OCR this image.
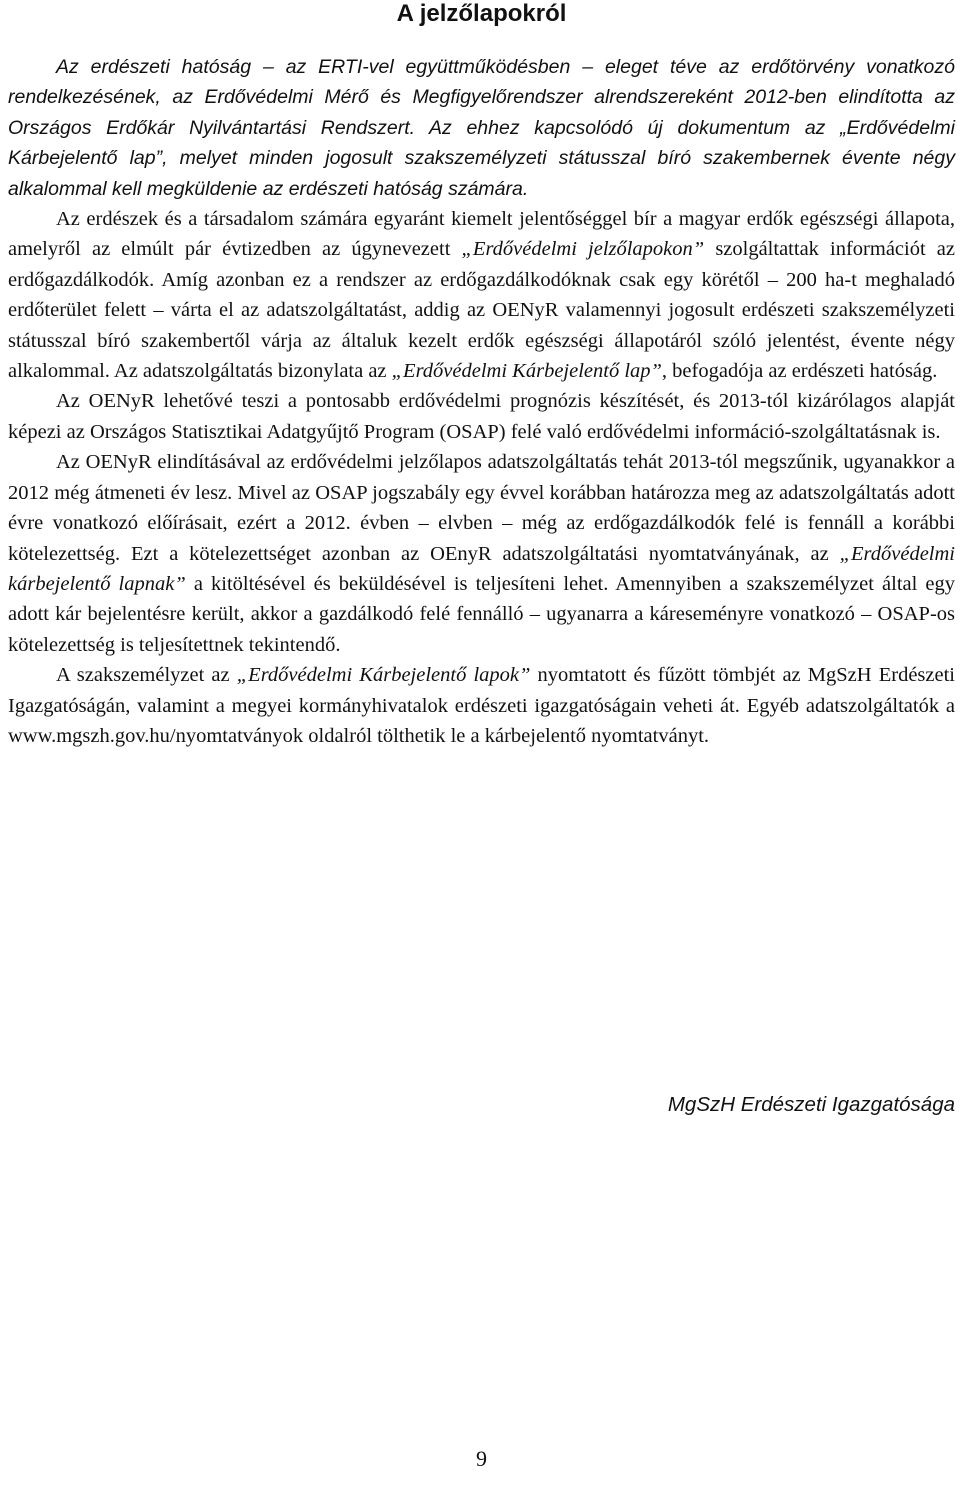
A jelzőlapokról

Az erdészeti hatóság – az ERTI-vel együttműködésben – eleget téve az erdőtörvény vonatkozó rendelkezésének, az Erdővédelmi Mérő és Megfigyelőrendszer alrendszereként 2012-ben elindította az Országos Erdőkár Nyilvántartási Rendszert. Az ehhez kapcsolódó új dokumentum az „Erdővédelmi Kárbejelentő lap”, melyet minden jogosult szakszemélyzeti státusszal bíró szakembernek évente négy alkalommal kell megküldenie az erdészeti hatóság számára.

Az erdészek és a társadalom számára egyaránt kiemelt jelentőséggel bír a magyar erdők egészségi állapota, amelyről az elmúlt pár évtizedben az úgynevezett „Erdővédelmi jelzőlapokon” szolgáltattak információt az erdőgazdálkodók. Amíg azonban ez a rendszer az erdőgazdálkodóknak csak egy körétől – 200 ha-t meghaladó erdőterület felett – várta el az adatszolgáltatást, addig az OENyR valamennyi jogosult erdészeti szakszemélyzeti státusszal bíró szakembertől várja az általuk kezelt erdők egészségi állapotáról szóló jelentést, évente négy alkalommal. Az adatszolgáltatás bizonylata az „Erdővédelmi Kárbejelentő lap”, befogadója az erdészeti hatóság.

Az OENyR lehetővé teszi a pontosabb erdővédelmi prognózis készítését, és 2013-tól kizárólagos alapját képezi az Országos Statisztikai Adatgyűjtő Program (OSAP) felé való erdővédelmi információ-szolgáltatásnak is.

Az OENyR elindításával az erdővédelmi jelzőlapos adatszolgáltatás tehát 2013-tól megszűnik, ugyanakkor a 2012 még átmeneti év lesz. Mivel az OSAP jogszabály egy évvel korábban határozza meg az adatszolgáltatás adott évre vonatkozó előírásait, ezért a 2012. évben – elvben – még az erdőgazdálkodók felé is fennáll a korábbi kötelezettség. Ezt a kötelezettséget azonban az OEnyR adatszolgáltatási nyomtatványának, az „Erdővédelmi kárbejelentő lapnak” a kitöltésével és beküldésével is teljesíteni lehet. Amennyiben a szakszemélyzet által egy adott kár bejelentésre került, akkor a gazdálkodó felé fennálló – ugyanarra a káreseményre vonatkozó – OSAP-os kötelezettség is teljesítettnek tekintendő.

A szakszemélyzet az „Erdővédelmi Kárbejelentő lapok” nyomtatott és fűzött tömbjét az MgSzH Erdészeti Igazgatóságán, valamint a megyei kormányhivatalok erdészeti igazgatóságain veheti át. Egyéb adatszolgáltatók a www.mgszh.gov.hu/nyomtatványok oldalról tölthetik le a kárbejelentő nyomtatványt.

MgSzH Erdészeti Igazgatósága
9
